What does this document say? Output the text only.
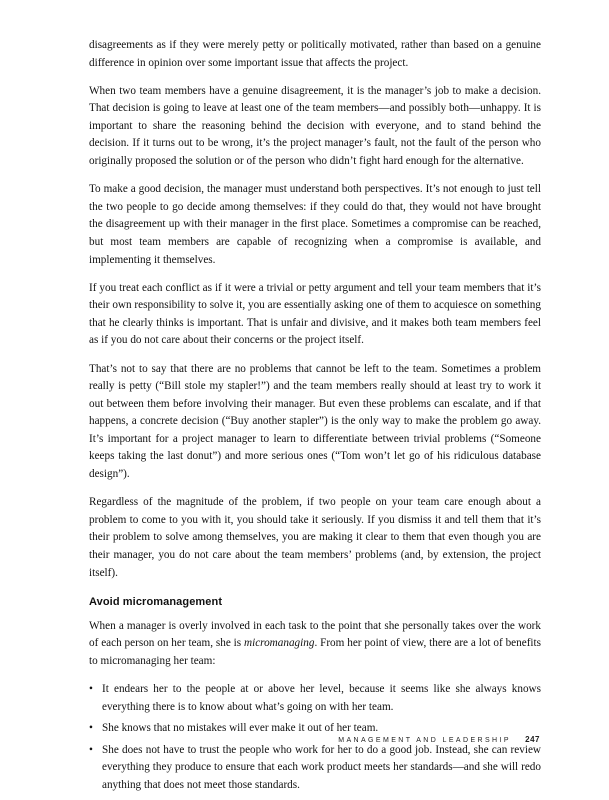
disagreements as if they were merely petty or politically motivated, rather than based on a genuine difference in opinion over some important issue that affects the project.

When two team members have a genuine disagreement, it is the manager’s job to make a decision. That decision is going to leave at least one of the team members—and possibly both—unhappy. It is important to share the reasoning behind the decision with everyone, and to stand behind the decision. If it turns out to be wrong, it’s the project manager’s fault, not the fault of the person who originally proposed the solution or of the person who didn’t fight hard enough for the alternative.

To make a good decision, the manager must understand both perspectives. It’s not enough to just tell the two people to go decide among themselves: if they could do that, they would not have brought the disagreement up with their manager in the first place. Sometimes a compromise can be reached, but most team members are capable of recognizing when a compromise is available, and implementing it themselves.

If you treat each conflict as if it were a trivial or petty argument and tell your team members that it’s their own responsibility to solve it, you are essentially asking one of them to acquiesce on something that he clearly thinks is important. That is unfair and divisive, and it makes both team members feel as if you do not care about their concerns or the project itself.

That’s not to say that there are no problems that cannot be left to the team. Sometimes a problem really is petty (“Bill stole my stapler!”) and the team members really should at least try to work it out between them before involving their manager. But even these problems can escalate, and if that happens, a concrete decision (“Buy another stapler”) is the only way to make the problem go away. It’s important for a project manager to learn to differentiate between trivial problems (“Someone keeps taking the last donut”) and more serious ones (“Tom won’t let go of his ridiculous database design”).

Regardless of the magnitude of the problem, if two people on your team care enough about a problem to come to you with it, you should take it seriously. If you dismiss it and tell them that it’s their problem to solve among themselves, you are making it clear to them that even though you are their manager, you do not care about the team members’ problems (and, by extension, the project itself).

Avoid micromanagement

When a manager is overly involved in each task to the point that she personally takes over the work of each person on her team, she is micromanaging. From her point of view, there are a lot of benefits to micromanaging her team:

• It endears her to the people at or above her level, because it seems like she always knows everything there is to know about what’s going on with her team.
• She knows that no mistakes will ever make it out of her team.
• She does not have to trust the people who work for her to do a good job. Instead, she can review everything they produce to ensure that each work product meets her standards—and she will redo anything that does not meet those standards.
MANAGEMENT AND LEADERSHIP 247
